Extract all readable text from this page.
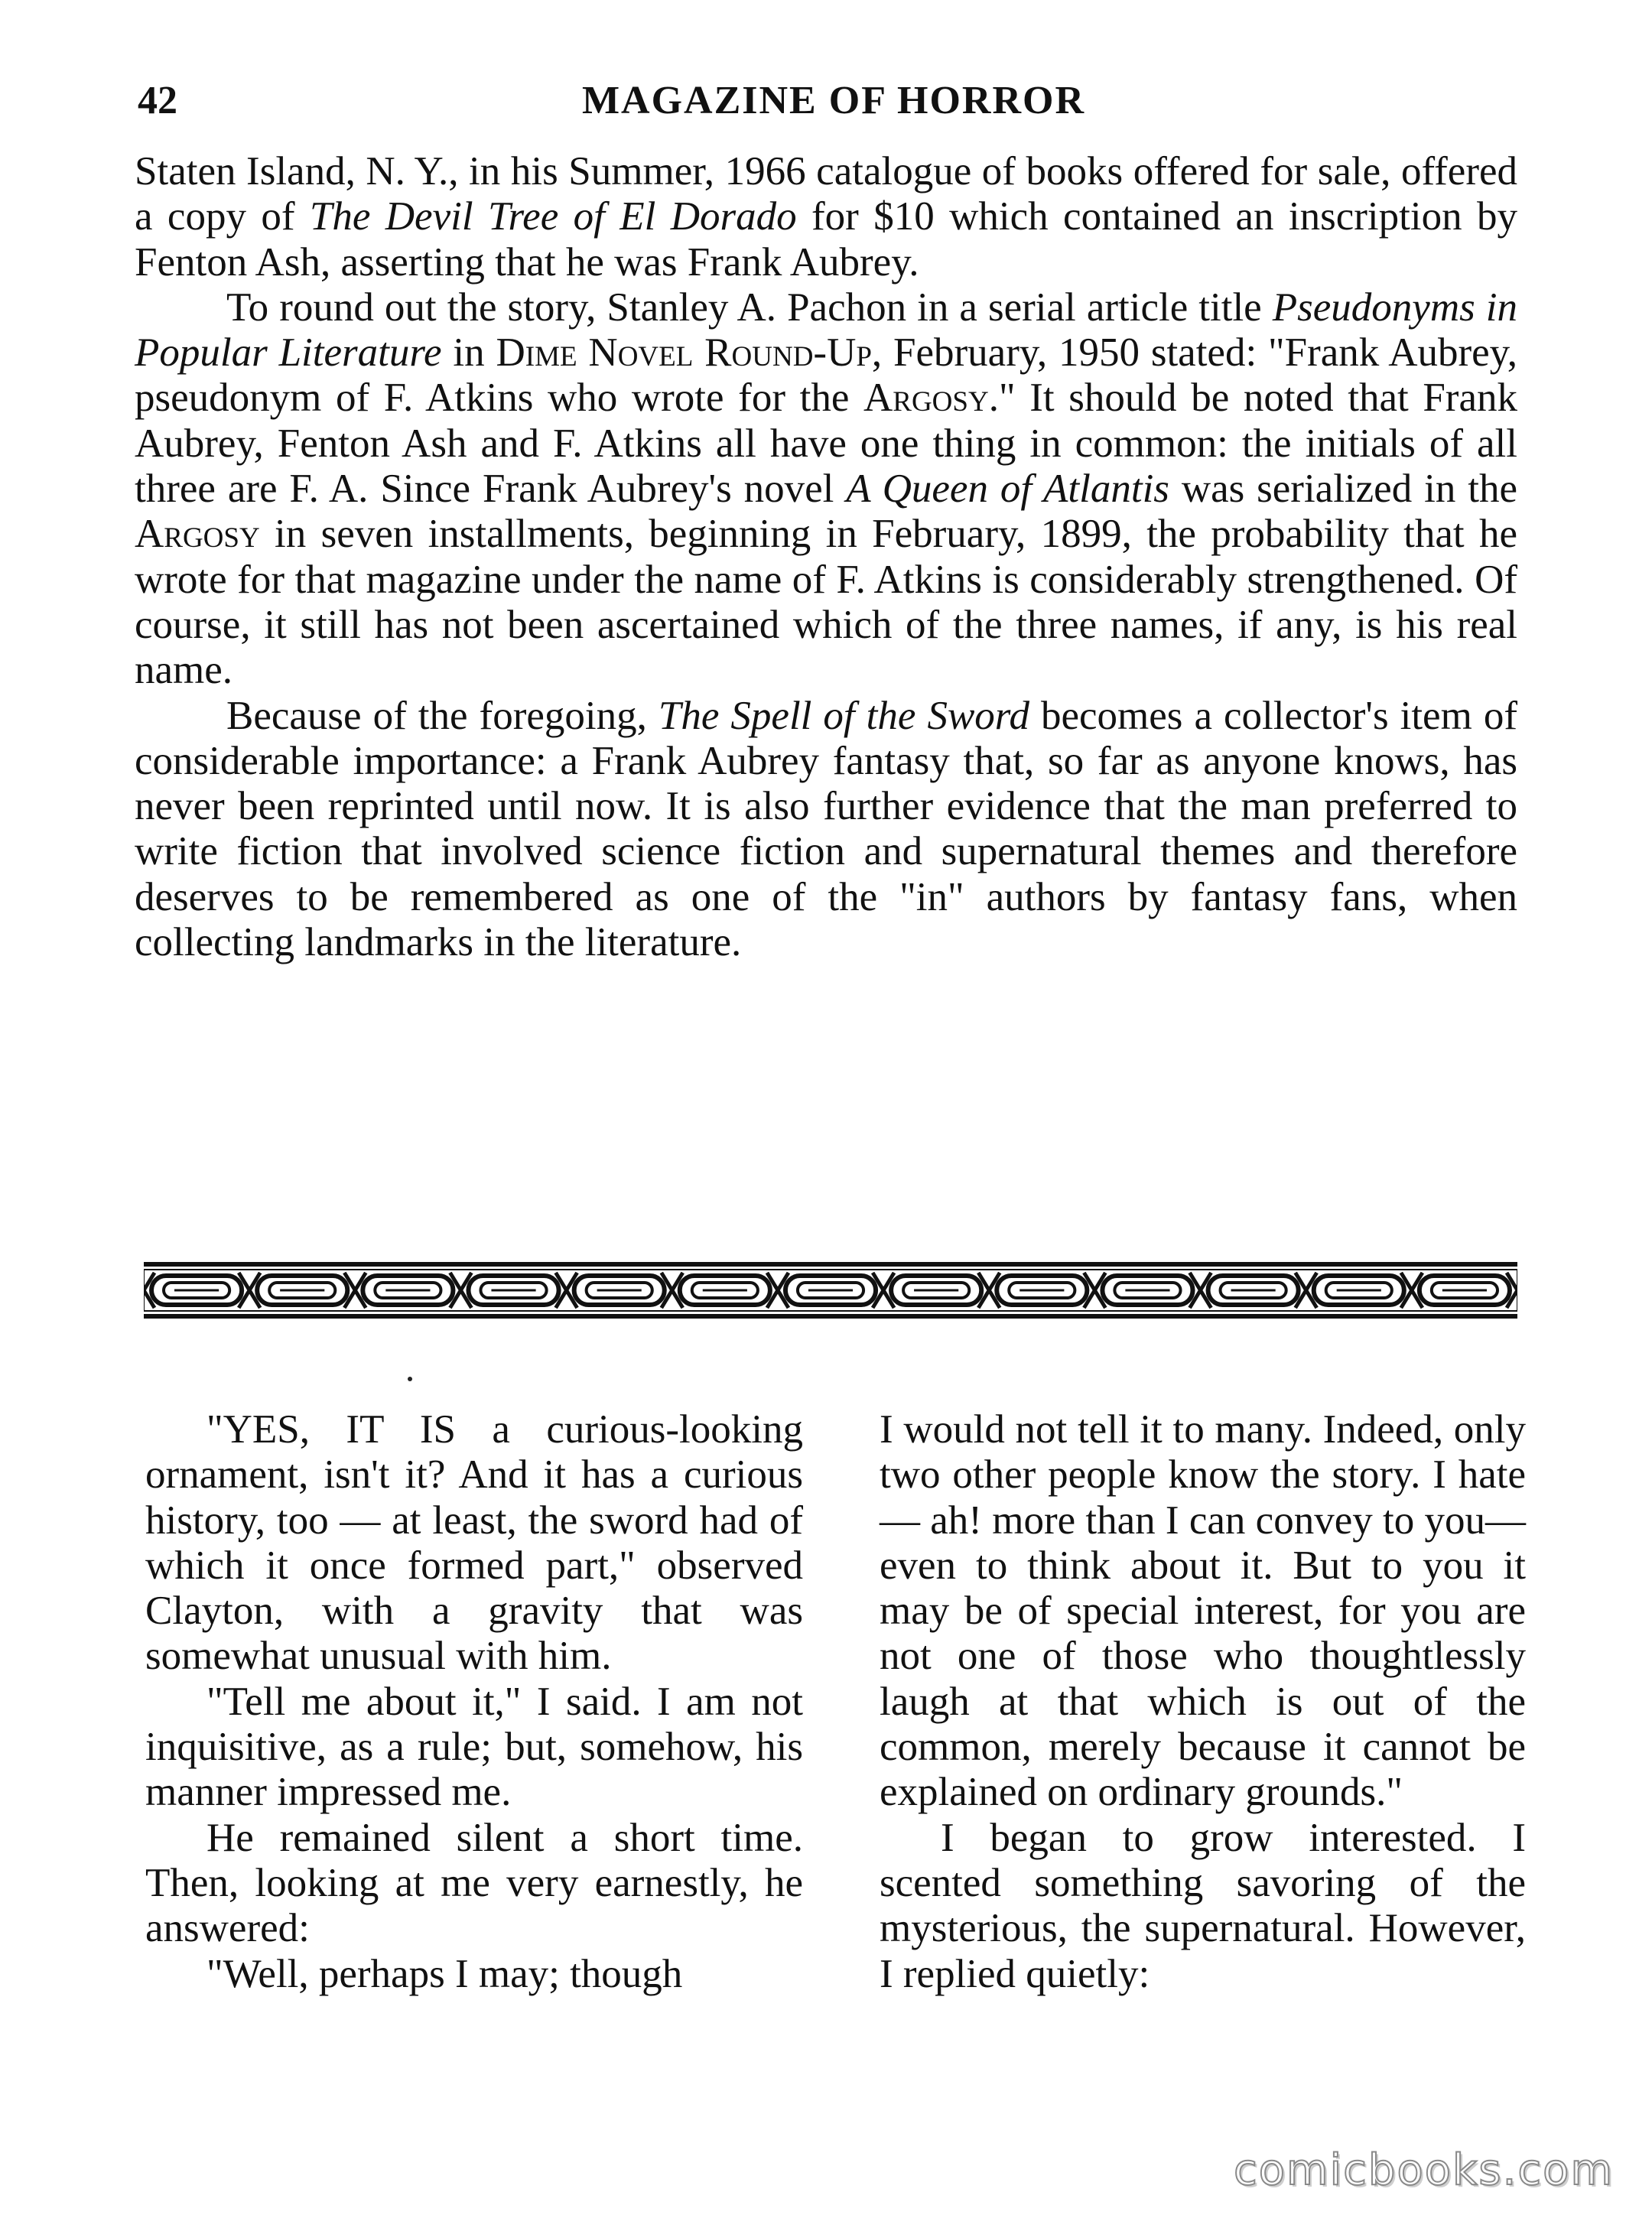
42	MAGAZINE OF HORROR

Staten Island, N. Y., in his Summer, 1966 catalogue of books offered for sale, offered a copy of The Devil Tree of El Dorado for $10 which contained an inscription by Fenton Ash, asserting that he was Frank Aubrey.

To round out the story, Stanley A. Pachon in a serial article title Pseudonyms in Popular Literature in Dime Novel Round-Up, February, 1950 stated: "Frank Aubrey, pseudonym of F. Atkins who wrote for the Argosy." It should be noted that Frank Aubrey, Fenton Ash and F. Atkins all have one thing in common: the initials of all three are F. A. Since Frank Aubrey's novel A Queen of Atlantis was serialized in the Argosy in seven installments, beginning in February, 1899, the probability that he wrote for that magazine under the name of F. Atkins is considerably strengthened. Of course, it still has not been ascertained which of the three names, if any, is his real name.

Because of the foregoing, The Spell of the Sword becomes a collector's item of considerable importance: a Frank Aubrey fantasy that, so far as anyone knows, has never been reprinted until now. It is also further evidence that the man preferred to write fiction that involved science fiction and supernatural themes and therefore deserves to be remembered as one of the "in" authors by fantasy fans, when collecting landmarks in the literature.

"YES, IT IS a curious-looking ornament, isn't it? And it has a curious history, too — at least, the sword had of which it once formed part," observed Clayton, with a gravity that was somewhat unusual with him.

"Tell me about it," I said. I am not inquisitive, as a rule; but, somehow, his manner impressed me.

He remained silent a short time. Then, looking at me very earnestly, he answered:

"Well, perhaps I may; though

I would not tell it to many. Indeed, only two other people know the story. I hate — ah! more than I can convey to you— even to think about it. But to you it may be of special interest, for you are not one of those who thoughtlessly laugh at that which is out of the common, merely because it cannot be explained on ordinary grounds."

I began to grow interested. I scented something savoring of the mysterious, the supernatural. However, I replied quietly:

comicbooks.com
